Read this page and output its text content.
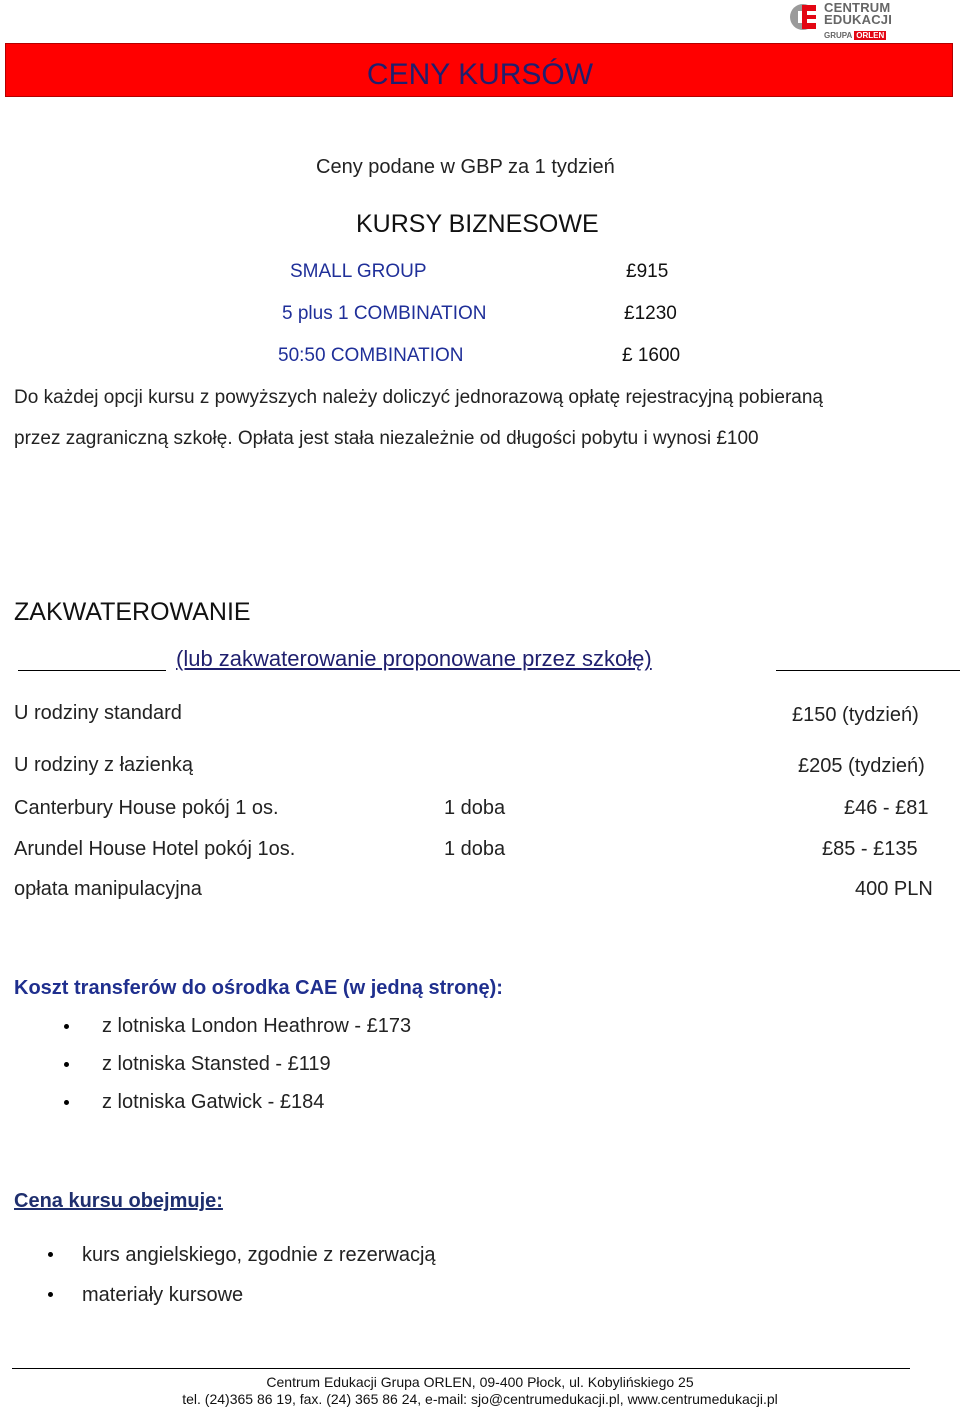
CENTRUM
EDUKACJI
GRUPA ORLEN
CENY KURSÓW
Ceny podane w GBP za 1 tydzień
KURSY BIZNESOWE
SMALL GROUP	£915
5 plus 1 COMBINATION	£1230
50:50 COMBINATION	£ 1600
Do każdej opcji kursu z powyższych należy doliczyć jednorazową opłatę rejestracyjną pobieraną
przez zagraniczną szkołę. Opłata jest stała niezależnie od długości pobytu i wynosi £100
ZAKWATEROWANIE
(lub zakwaterowanie proponowane przez szkołę)
U rodziny standard	£150 (tydzień)
U rodziny z łazienką	£205 (tydzień)
Canterbury House pokój 1 os.	1 doba	£46 - £81
Arundel House Hotel pokój 1os.	1 doba	£85 - £135
opłata manipulacyjna	400 PLN
Koszt transferów do ośrodka CAE (w jedną stronę):
z lotniska London Heathrow - £173
z lotniska Stansted - £119
z lotniska Gatwick - £184
Cena kursu obejmuje:
kurs angielskiego, zgodnie z rezerwacją
materiały kursowe
Centrum Edukacji Grupa ORLEN, 09-400 Płock, ul. Kobylińskiego 25
tel. (24)365 86 19, fax. (24) 365 86 24, e-mail: sjo@centrumedukacji.pl, www.centrumedukacji.pl
